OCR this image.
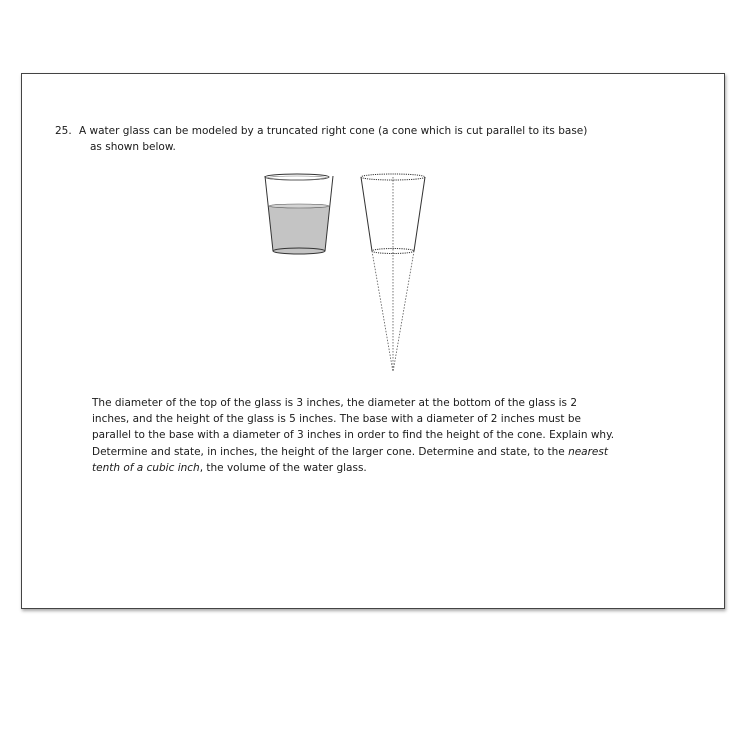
25. A water glass can be modeled by a truncated right cone (a cone which is cut parallel to its base)
as shown below.

The diameter of the top of the glass is 3 inches, the diameter at the bottom of the glass is 2 inches, and the height of the glass is 5 inches. The base with a diameter of 2 inches must be parallel to the base with a diameter of 3 inches in order to find the height of the cone. Explain why. Determine and state, in inches, the height of the larger cone. Determine and state, to the nearest tenth of a cubic inch, the volume of the water glass.
